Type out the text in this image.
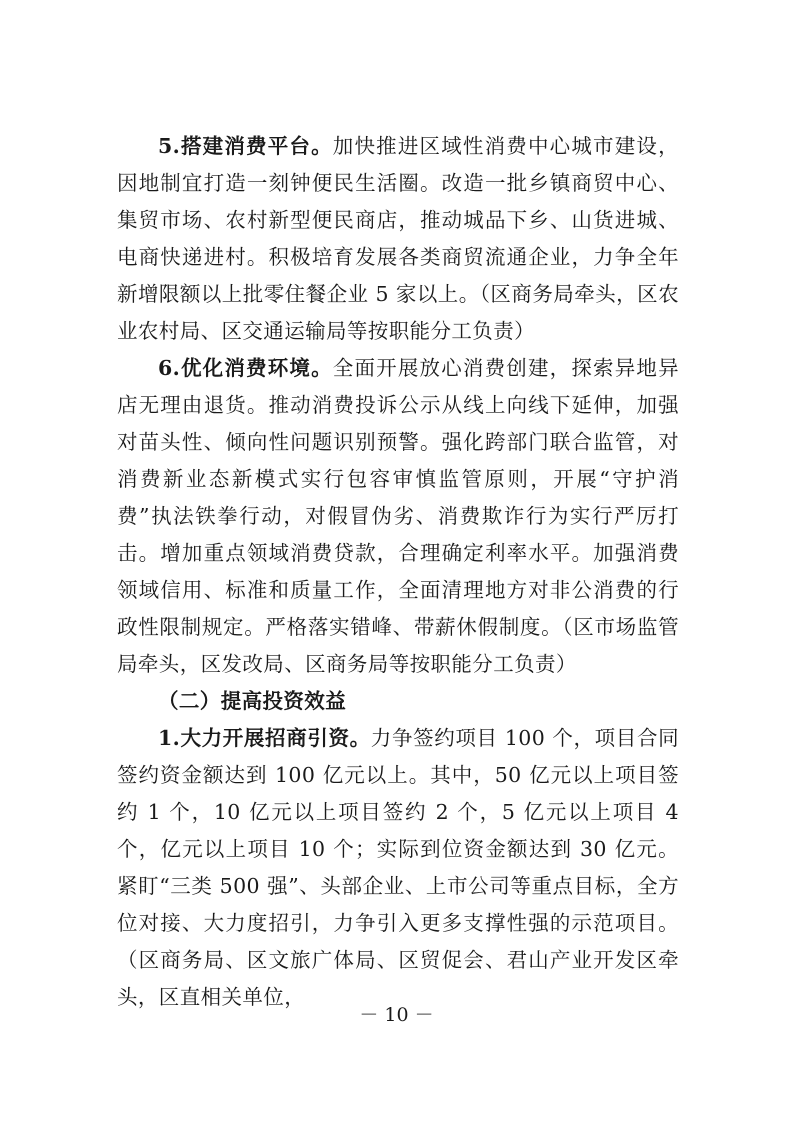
5.搭建消费平台。加快推进区域性消费中心城市建设，因地制宜打造一刻钟便民生活圈。改造一批乡镇商贸中心、集贸市场、农村新型便民商店，推动城品下乡、山货进城、电商快递进村。积极培育发展各类商贸流通企业，力争全年新增限额以上批零住餐企业 5 家以上。（区商务局牵头，区农业农村局、区交通运输局等按职能分工负责）

6.优化消费环境。全面开展放心消费创建，探索异地异店无理由退货。推动消费投诉公示从线上向线下延伸，加强对苗头性、倾向性问题识别预警。强化跨部门联合监管，对消费新业态新模式实行包容审慎监管原则，开展“守护消费”执法铁拳行动，对假冒伪劣、消费欺诈行为实行严厉打击。增加重点领域消费贷款，合理确定利率水平。加强消费领域信用、标准和质量工作，全面清理地方对非公消费的行政性限制规定。严格落实错峰、带薪休假制度。（区市场监管局牵头，区发改局、区商务局等按职能分工负责）

（二）提高投资效益

1.大力开展招商引资。力争签约项目 100 个，项目合同签约资金额达到 100 亿元以上。其中，50 亿元以上项目签约 1 个，10 亿元以上项目签约 2 个，5 亿元以上项目 4 个，亿元以上项目 10 个；实际到位资金额达到 30 亿元。紧盯“三类 500 强”、头部企业、上市公司等重点目标，全方位对接、大力度招引，力争引入更多支撑性强的示范项目。（区商务局、区文旅广体局、区贸促会、君山产业开发区牵头，区直相关单位，

－ 10 －
